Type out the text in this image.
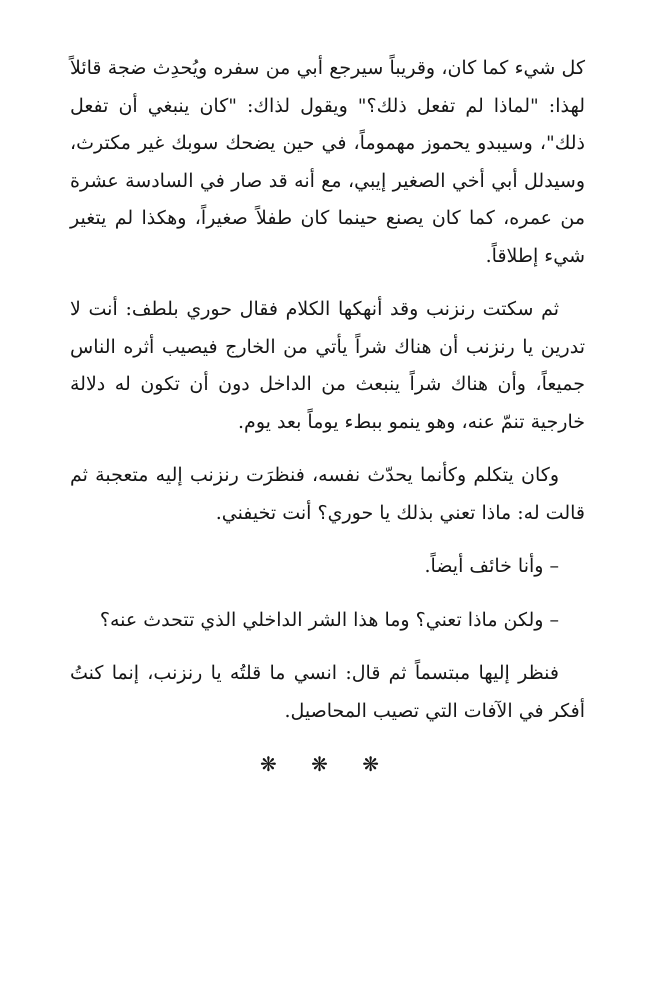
كل شيء كما كان، وقريباً سيرجع أبي من سفره ويُحدِث ضجة قائلاً لهذا: "لماذا لم تفعل ذلك؟" ويقول لذاك: "كان ينبغي أن تفعل ذلك"، وسيبدو يحموز مهموماً، في حين يضحك سوبك غير مكترث، وسيدلل أبي أخي الصغير إيبي، مع أنه قد صار في السادسة عشرة من عمره، كما كان يصنع حينما كان طفلاً صغيراً، وهكذا لم يتغير شيء إطلاقاً.

ثم سكتت رنزنب وقد أنهكها الكلام فقال حوري بلطف: أنت لا تدرين يا رنزنب أن هناك شراً يأتي من الخارج فيصيب أثره الناس جميعاً، وأن هناك شراً ينبعث من الداخل دون أن تكون له دلالة خارجية تنمّ عنه، وهو ينمو ببطء يوماً بعد يوم.

وكان يتكلم وكأنما يحدّث نفسه، فنظرَت رنزنب إليه متعجبة ثم قالت له: ماذا تعني بذلك يا حوري؟ أنت تخيفني.

– وأنا خائف أيضاً.

– ولكن ماذا تعني؟ وما هذا الشر الداخلي الذي تتحدث عنه؟

فنظر إليها مبتسماً ثم قال: انسي ما قلتُه يا رنزنب، إنما كنتُ أفكر في الآفات التي تصيب المحاصيل.

❋ ❋ ❋
